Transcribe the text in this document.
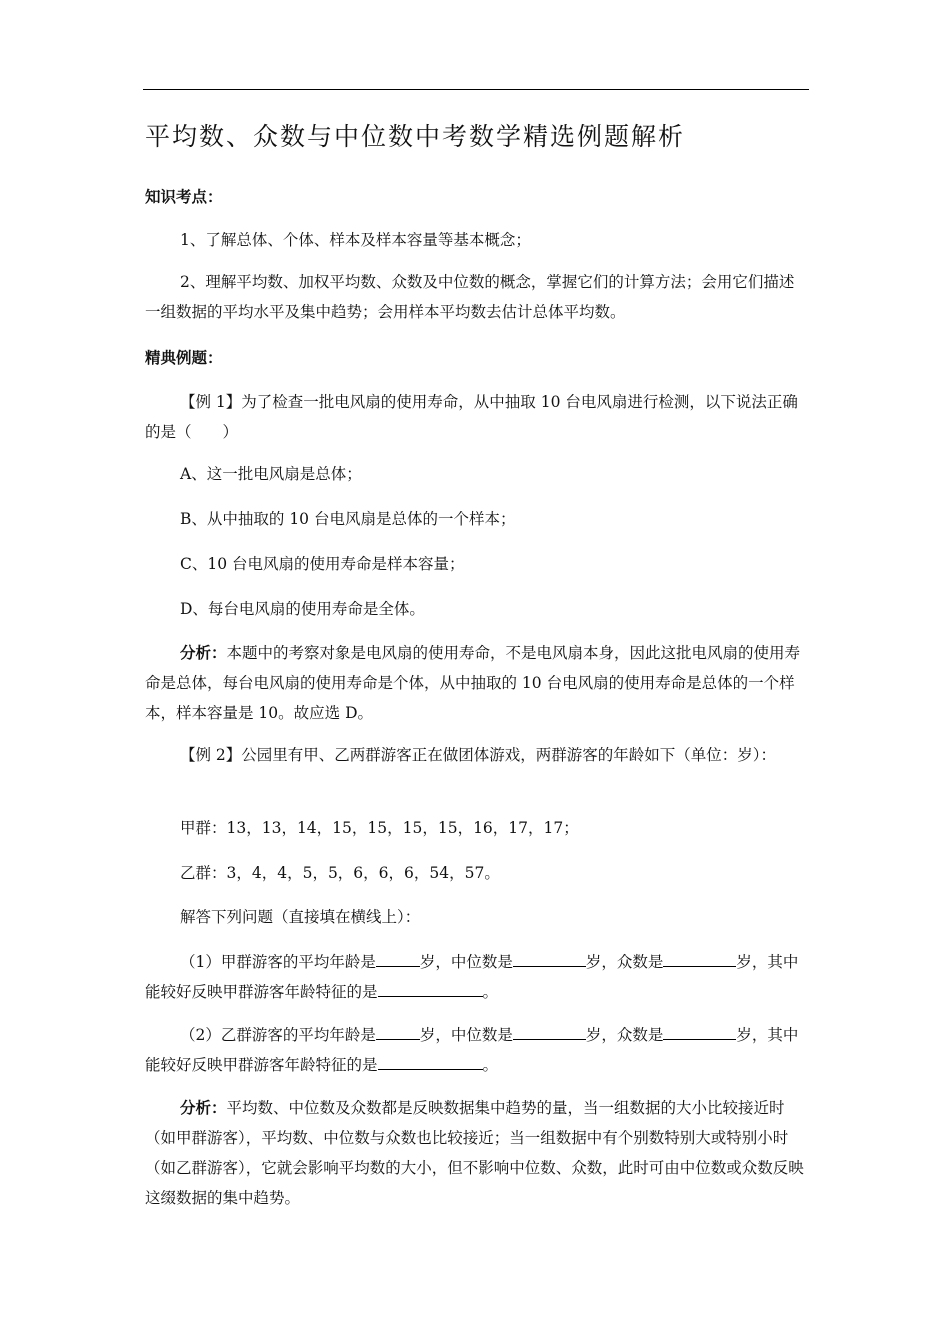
平均数、众数与中位数中考数学精选例题解析

知识考点：

1、了解总体、个体、样本及样本容量等基本概念；

2、理解平均数、加权平均数、众数及中位数的概念，掌握它们的计算方法；会用它们描述一组数据的平均水平及集中趋势；会用样本平均数去估计总体平均数。

精典例题：

【例 1】为了检查一批电风扇的使用寿命，从中抽取 10 台电风扇进行检测，以下说法正确的是（　　）

A、这一批电风扇是总体；

B、从中抽取的 10 台电风扇是总体的一个样本；

C、10 台电风扇的使用寿命是样本容量；

D、每台电风扇的使用寿命是全体。

分析：本题中的考察对象是电风扇的使用寿命，不是电风扇本身，因此这批电风扇的使用寿命是总体，每台电风扇的使用寿命是个体，从中抽取的 10 台电风扇的使用寿命是总体的一个样本，样本容量是 10。故应选 D。

【例 2】公园里有甲、乙两群游客正在做团体游戏，两群游客的年龄如下（单位：岁）：

甲群：13，13，14，15，15，15，15，16，17，17；

乙群：3，4，4，5，5，6，6，6，54，57。

解答下列问题（直接填在横线上）：

（1）甲群游客的平均年龄是	岁，中位数是	岁，众数是	岁，其中能较好反映甲群游客年龄特征的是	。

（2）乙群游客的平均年龄是	岁，中位数是	岁，众数是	岁，其中能较好反映甲群游客年龄特征的是	。

分析：平均数、中位数及众数都是反映数据集中趋势的量，当一组数据的大小比较接近时（如甲群游客），平均数、中位数与众数也比较接近；当一组数据中有个别数特别大或特别小时（如乙群游客），它就会影响平均数的大小，但不影响中位数、众数，此时可由中位数或众数反映这缀数据的集中趋势。
